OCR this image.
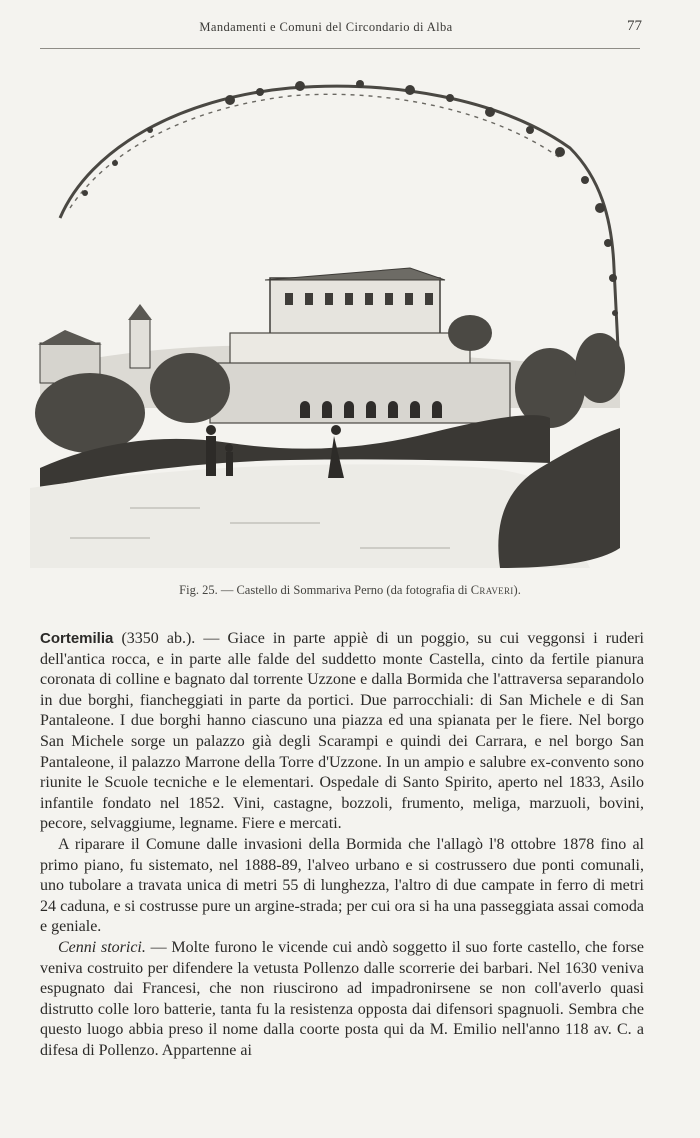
Mandamenti e Comuni del Circondario di Alba	77
Fig. 25. — Castello di Sommariva Perno (da fotografia di Craveri).

Cortemilia (3350 ab.). — Giace in parte appiè di un poggio, su cui veggonsi i ruderi dell'antica rocca, e in parte alle falde del suddetto monte Castella, cinto da fertile pianura coronata di colline e bagnato dal torrente Uzzone e dalla Bormida che l'attraversa separandolo in due borghi, fiancheggiati in parte da portici. Due parrocchiali: di San Michele e di San Pantaleone. I due borghi hanno ciascuno una piazza ed una spianata per le fiere. Nel borgo San Michele sorge un palazzo già degli Scarampi e quindi dei Carrara, e nel borgo San Pantaleone, il palazzo Marrone della Torre d'Uzzone. In un ampio e salubre ex-convento sono riunite le Scuole tecniche e le elementari. Ospedale di Santo Spirito, aperto nel 1833, Asilo infantile fondato nel 1852. Vini, castagne, bozzoli, frumento, meliga, marzuoli, bovini, pecore, selvaggiume, legname. Fiere e mercati.

A riparare il Comune dalle invasioni della Bormida che l'allagò l'8 ottobre 1878 fino al primo piano, fu sistemato, nel 1888-89, l'alveo urbano e si costrussero due ponti comunali, uno tubolare a travata unica di metri 55 di lunghezza, l'altro di due campate in ferro di metri 24 caduna, e si costrusse pure un argine-strada; per cui ora si ha una passeggiata assai comoda e geniale.

Cenni storici. — Molte furono le vicende cui andò soggetto il suo forte castello, che forse veniva costruito per difendere la vetusta Pollenzo dalle scorrerie dei barbari. Nel 1630 veniva espugnato dai Francesi, che non riuscirono ad impadronirsene se non coll'averlo quasi distrutto colle loro batterie, tanta fu la resistenza opposta dai difensori spagnuoli. Sembra che questo luogo abbia preso il nome dalla coorte posta qui da M. Emilio nell'anno 118 av. C. a difesa di Pollenzo. Appartenne ai
